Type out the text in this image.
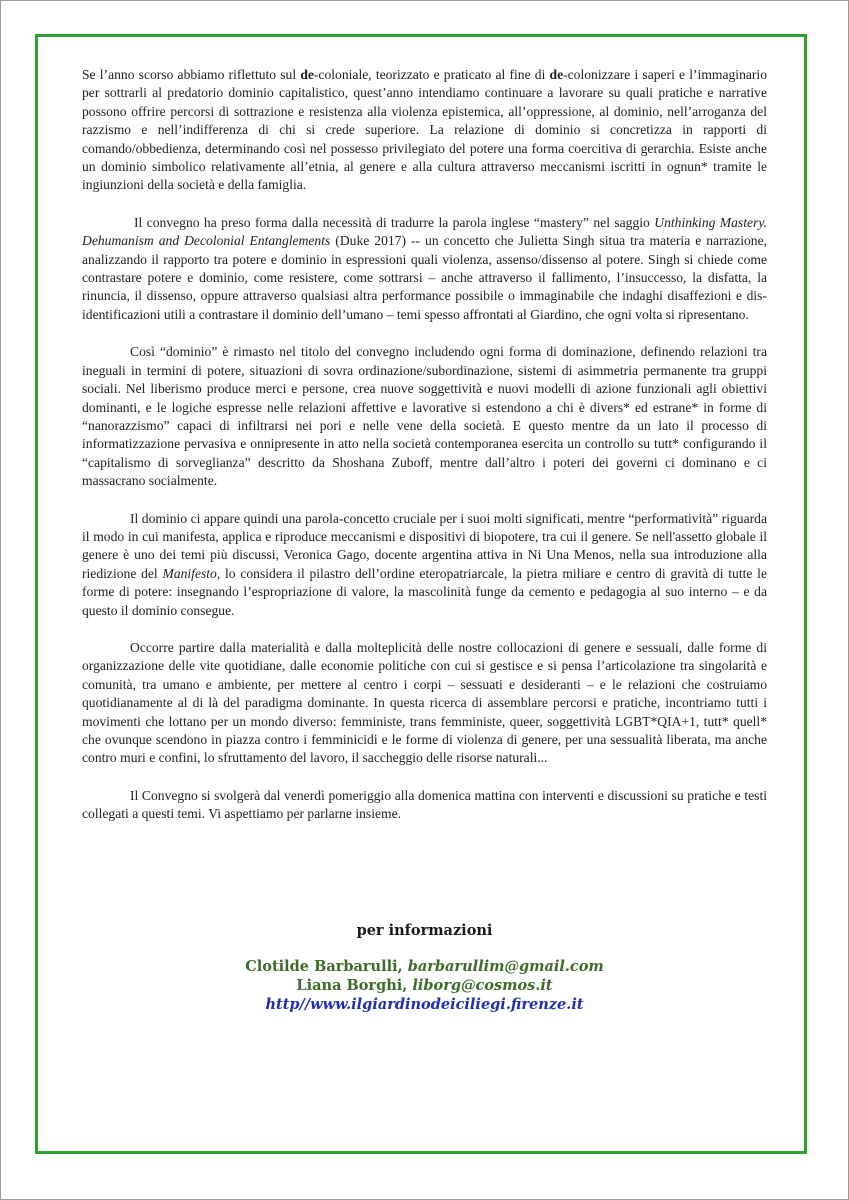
Se l’anno scorso abbiamo riflettuto sul de-coloniale, teorizzato e praticato al fine di de-colonizzare i saperi e l’immaginario per sottrarli al predatorio dominio capitalistico, quest’anno intendiamo continuare a lavorare su quali pratiche e narrative possono offrire percorsi di sottrazione e resistenza alla violenza epistemica, all’oppressione, al dominio, nell’arroganza del razzismo e nell’indifferenza di chi si crede superiore. La relazione di dominio si concretizza in rapporti di comando/obbedienza, determinando così nel possesso privilegiato del potere una forma coercitiva di gerarchia. Esiste anche un dominio simbolico relativamente all’etnia, al genere e alla cultura attraverso meccanismi iscritti in ognun* tramite le ingiunzioni della società e della famiglia.

Il convegno ha preso forma dalla necessità di tradurre la parola inglese “mastery” nel saggio Unthinking Mastery. Dehumanism and Decolonial Entanglements (Duke 2017) -- un concetto che Julietta Singh situa tra materia e narrazione, analizzando il rapporto tra potere e dominio in espressioni quali violenza, assenso/dissenso al potere. Singh si chiede come contrastare potere e dominio, come resistere, come sottrarsi – anche attraverso il fallimento, l’insuccesso, la disfatta, la rinuncia, il dissenso, oppure attraverso qualsiasi altra performance possibile o immaginabile che indaghi disaffezioni e dis-identificazioni utili a contrastare il dominio dell’umano – temi spesso affrontati al Giardino, che ogni volta si ripresentano.

Così “dominio” è rimasto nel titolo del convegno includendo ogni forma di dominazione, definendo relazioni tra ineguali in termini di potere, situazioni di sovra ordinazione/subordinazione, sistemi di asimmetria permanente tra gruppi sociali. Nel liberismo produce merci e persone, crea nuove soggettività e nuovi modelli di azione funzionali agli obiettivi dominanti, e le logiche espresse nelle relazioni affettive e lavorative si estendono a chi è divers* ed estrane* in forme di “nanorazzismo” capaci di infiltrarsi nei pori e nelle vene della società. E questo mentre da un lato il processo di informatizzazione pervasiva e onnipresente in atto nella società contemporanea esercita un controllo su tutt* configurando il “capitalismo di sorveglianza” descritto da Shoshana Zuboff, mentre dall’altro i poteri dei governi ci dominano e ci massacrano socialmente.

Il dominio ci appare quindi una parola-concetto cruciale per i suoi molti significati, mentre “performatività” riguarda il modo in cui manifesta, applica e riproduce meccanismi e dispositivi di biopotere, tra cui il genere. Se nell'assetto globale il genere è uno dei temi più discussi, Veronica Gago, docente argentina attiva in Ni Una Menos, nella sua introduzione alla riedizione del Manifesto, lo considera il pilastro dell’ordine eteropatriarcale, la pietra miliare e centro di gravità di tutte le forme di potere: insegnando l’espropriazione di valore, la mascolinità funge da cemento e pedagogia al suo interno – e da questo il dominio consegue.

Occorre partire dalla materialità e dalla molteplicità delle nostre collocazioni di genere e sessuali, dalle forme di organizzazione delle vite quotidiane, dalle economie politiche con cui si gestisce e si pensa l’articolazione tra singolarità e comunità, tra umano e ambiente, per mettere al centro i corpi – sessuati e desideranti – e le relazioni che costruiamo quotidianamente al di là del paradigma dominante. In questa ricerca di assemblare percorsi e pratiche, incontriamo tutti i movimenti che lottano per un mondo diverso: femministe, trans femministe, queer, soggettività LGBT*QIA+1, tutt* quell* che ovunque scendono in piazza contro i femminicidi e le forme di violenza di genere, per una sessualità liberata, ma anche contro muri e confini, lo sfruttamento del lavoro, il saccheggio delle risorse naturali...

Il Convegno si svolgerà dal venerdì pomeriggio alla domenica mattina con interventi e discussioni su pratiche e testi collegati a questi temi. Vi aspettiamo per parlarne insieme.

per informazioni

Clotilde Barbarulli, barbarullim@gmail.com

Liana Borghi, liborg@cosmos.it

http//www.ilgiardinodeiciliegi.firenze.it
